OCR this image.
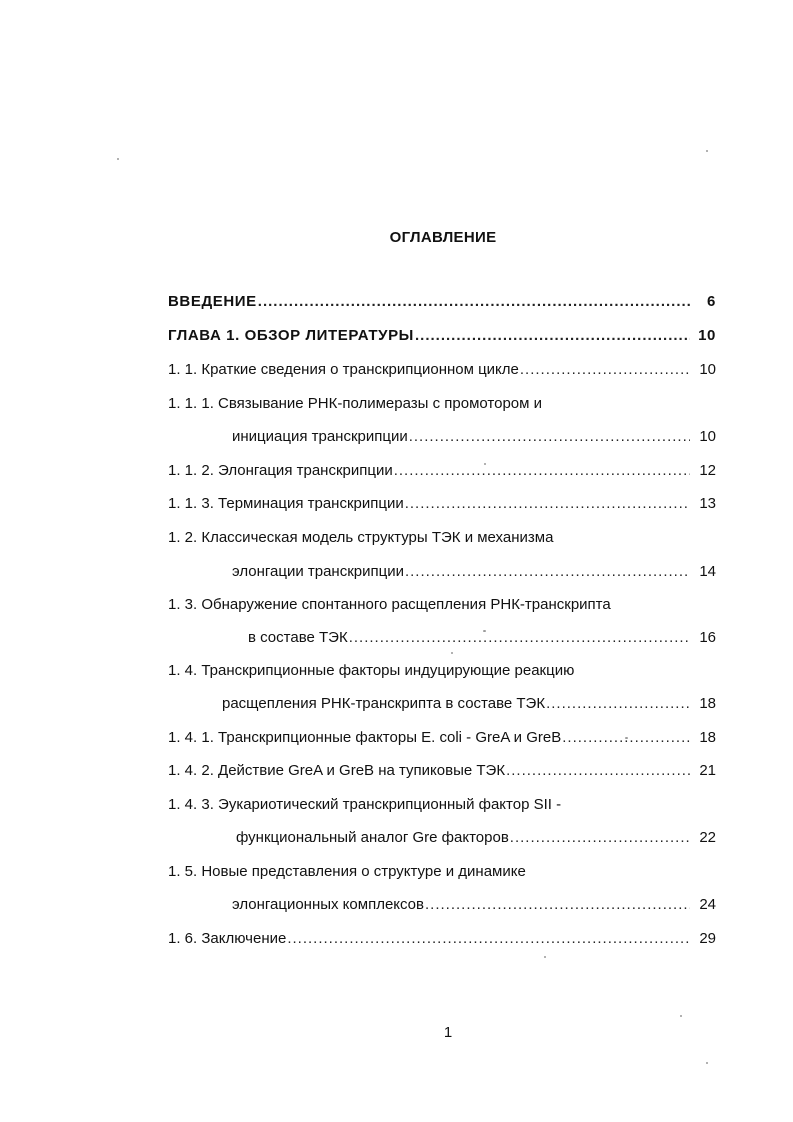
ОГЛАВЛЕНИЕ
ВВЕДЕНИЕ .....	6
ГЛАВА 1. ОБЗОР ЛИТЕРАТУРЫ .....	10
1. 1. Краткие сведения о транскрипционном цикле .....	10
1. 1. 1. Связывание РНК-полимеразы с промотором и
инициация транскрипции .....	10
1. 1. 2. Элонгация транскрипции .....	12
1. 1. 3. Терминация транскрипции .....	13
1. 2. Классическая модель структуры ТЭК и механизма
элонгации транскрипции .....	14
1. 3. Обнаружение спонтанного расщепления РНК-транскрипта
в составе ТЭК .....	16
1. 4. Транскрипционные факторы индуцирующие реакцию
расщепления РНК-транскрипта в составе ТЭК .....	18
1. 4. 1. Транскрипционные факторы E. coli - GreA и GreB .....	18
1. 4. 2. Действие GreA и GreB на тупиковые ТЭК .....	21
1. 4. 3. Эукариотический транскрипционный фактор SII -
функциональный аналог Gre факторов .....	22
1. 5. Новые представления о структуре и динамике
элонгационных комплексов .....	24
1. 6. Заключение .....	29
1
